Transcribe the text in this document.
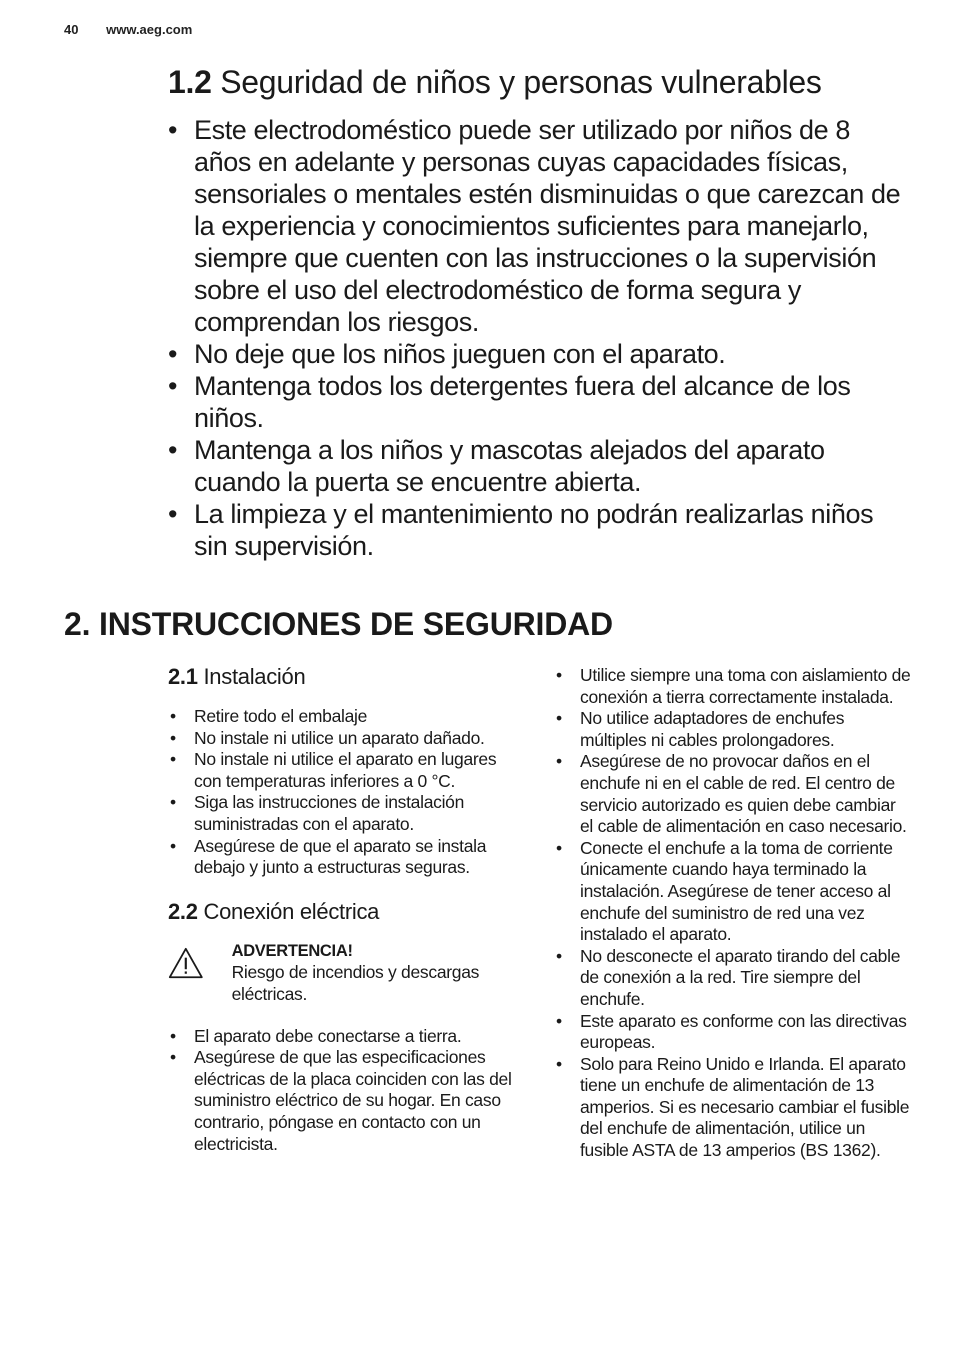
40 www.aeg.com
1.2 Seguridad de niños y personas vulnerables
• Este electrodoméstico puede ser utilizado por niños de 8 años en adelante y personas cuyas capacidades físicas, sensoriales o mentales estén disminuidas o que carezcan de la experiencia y conocimientos suficientes para manejarlo, siempre que cuenten con las instrucciones o la supervisión sobre el uso del electrodoméstico de forma segura y comprendan los riesgos.
• No deje que los niños jueguen con el aparato.
• Mantenga todos los detergentes fuera del alcance de los niños.
• Mantenga a los niños y mascotas alejados del aparato cuando la puerta se encuentre abierta.
• La limpieza y el mantenimiento no podrán realizarlas niños sin supervisión.
2. INSTRUCCIONES DE SEGURIDAD
2.1 Instalación
• Retire todo el embalaje
• No instale ni utilice un aparato dañado.
• No instale ni utilice el aparato en lugares con temperaturas inferiores a 0 °C.
• Siga las instrucciones de instalación suministradas con el aparato.
• Asegúrese de que el aparato se instala debajo y junto a estructuras seguras.
2.2 Conexión eléctrica
ADVERTENCIA!
Riesgo de incendios y descargas eléctricas.
• El aparato debe conectarse a tierra.
• Asegúrese de que las especificaciones eléctricas de la placa coinciden con las del suministro eléctrico de su hogar. En caso contrario, póngase en contacto con un electricista.
• Utilice siempre una toma con aislamiento de conexión a tierra correctamente instalada.
• No utilice adaptadores de enchufes múltiples ni cables prolongadores.
• Asegúrese de no provocar daños en el enchufe ni en el cable de red. El centro de servicio autorizado es quien debe cambiar el cable de alimentación en caso necesario.
• Conecte el enchufe a la toma de corriente únicamente cuando haya terminado la instalación. Asegúrese de tener acceso al enchufe del suministro de red una vez instalado el aparato.
• No desconecte el aparato tirando del cable de conexión a la red. Tire siempre del enchufe.
• Este aparato es conforme con las directivas europeas.
• Solo para Reino Unido e Irlanda. El aparato tiene un enchufe de alimentación de 13 amperios. Si es necesario cambiar el fusible del enchufe de alimentación, utilice un fusible ASTA de 13 amperios (BS 1362).
